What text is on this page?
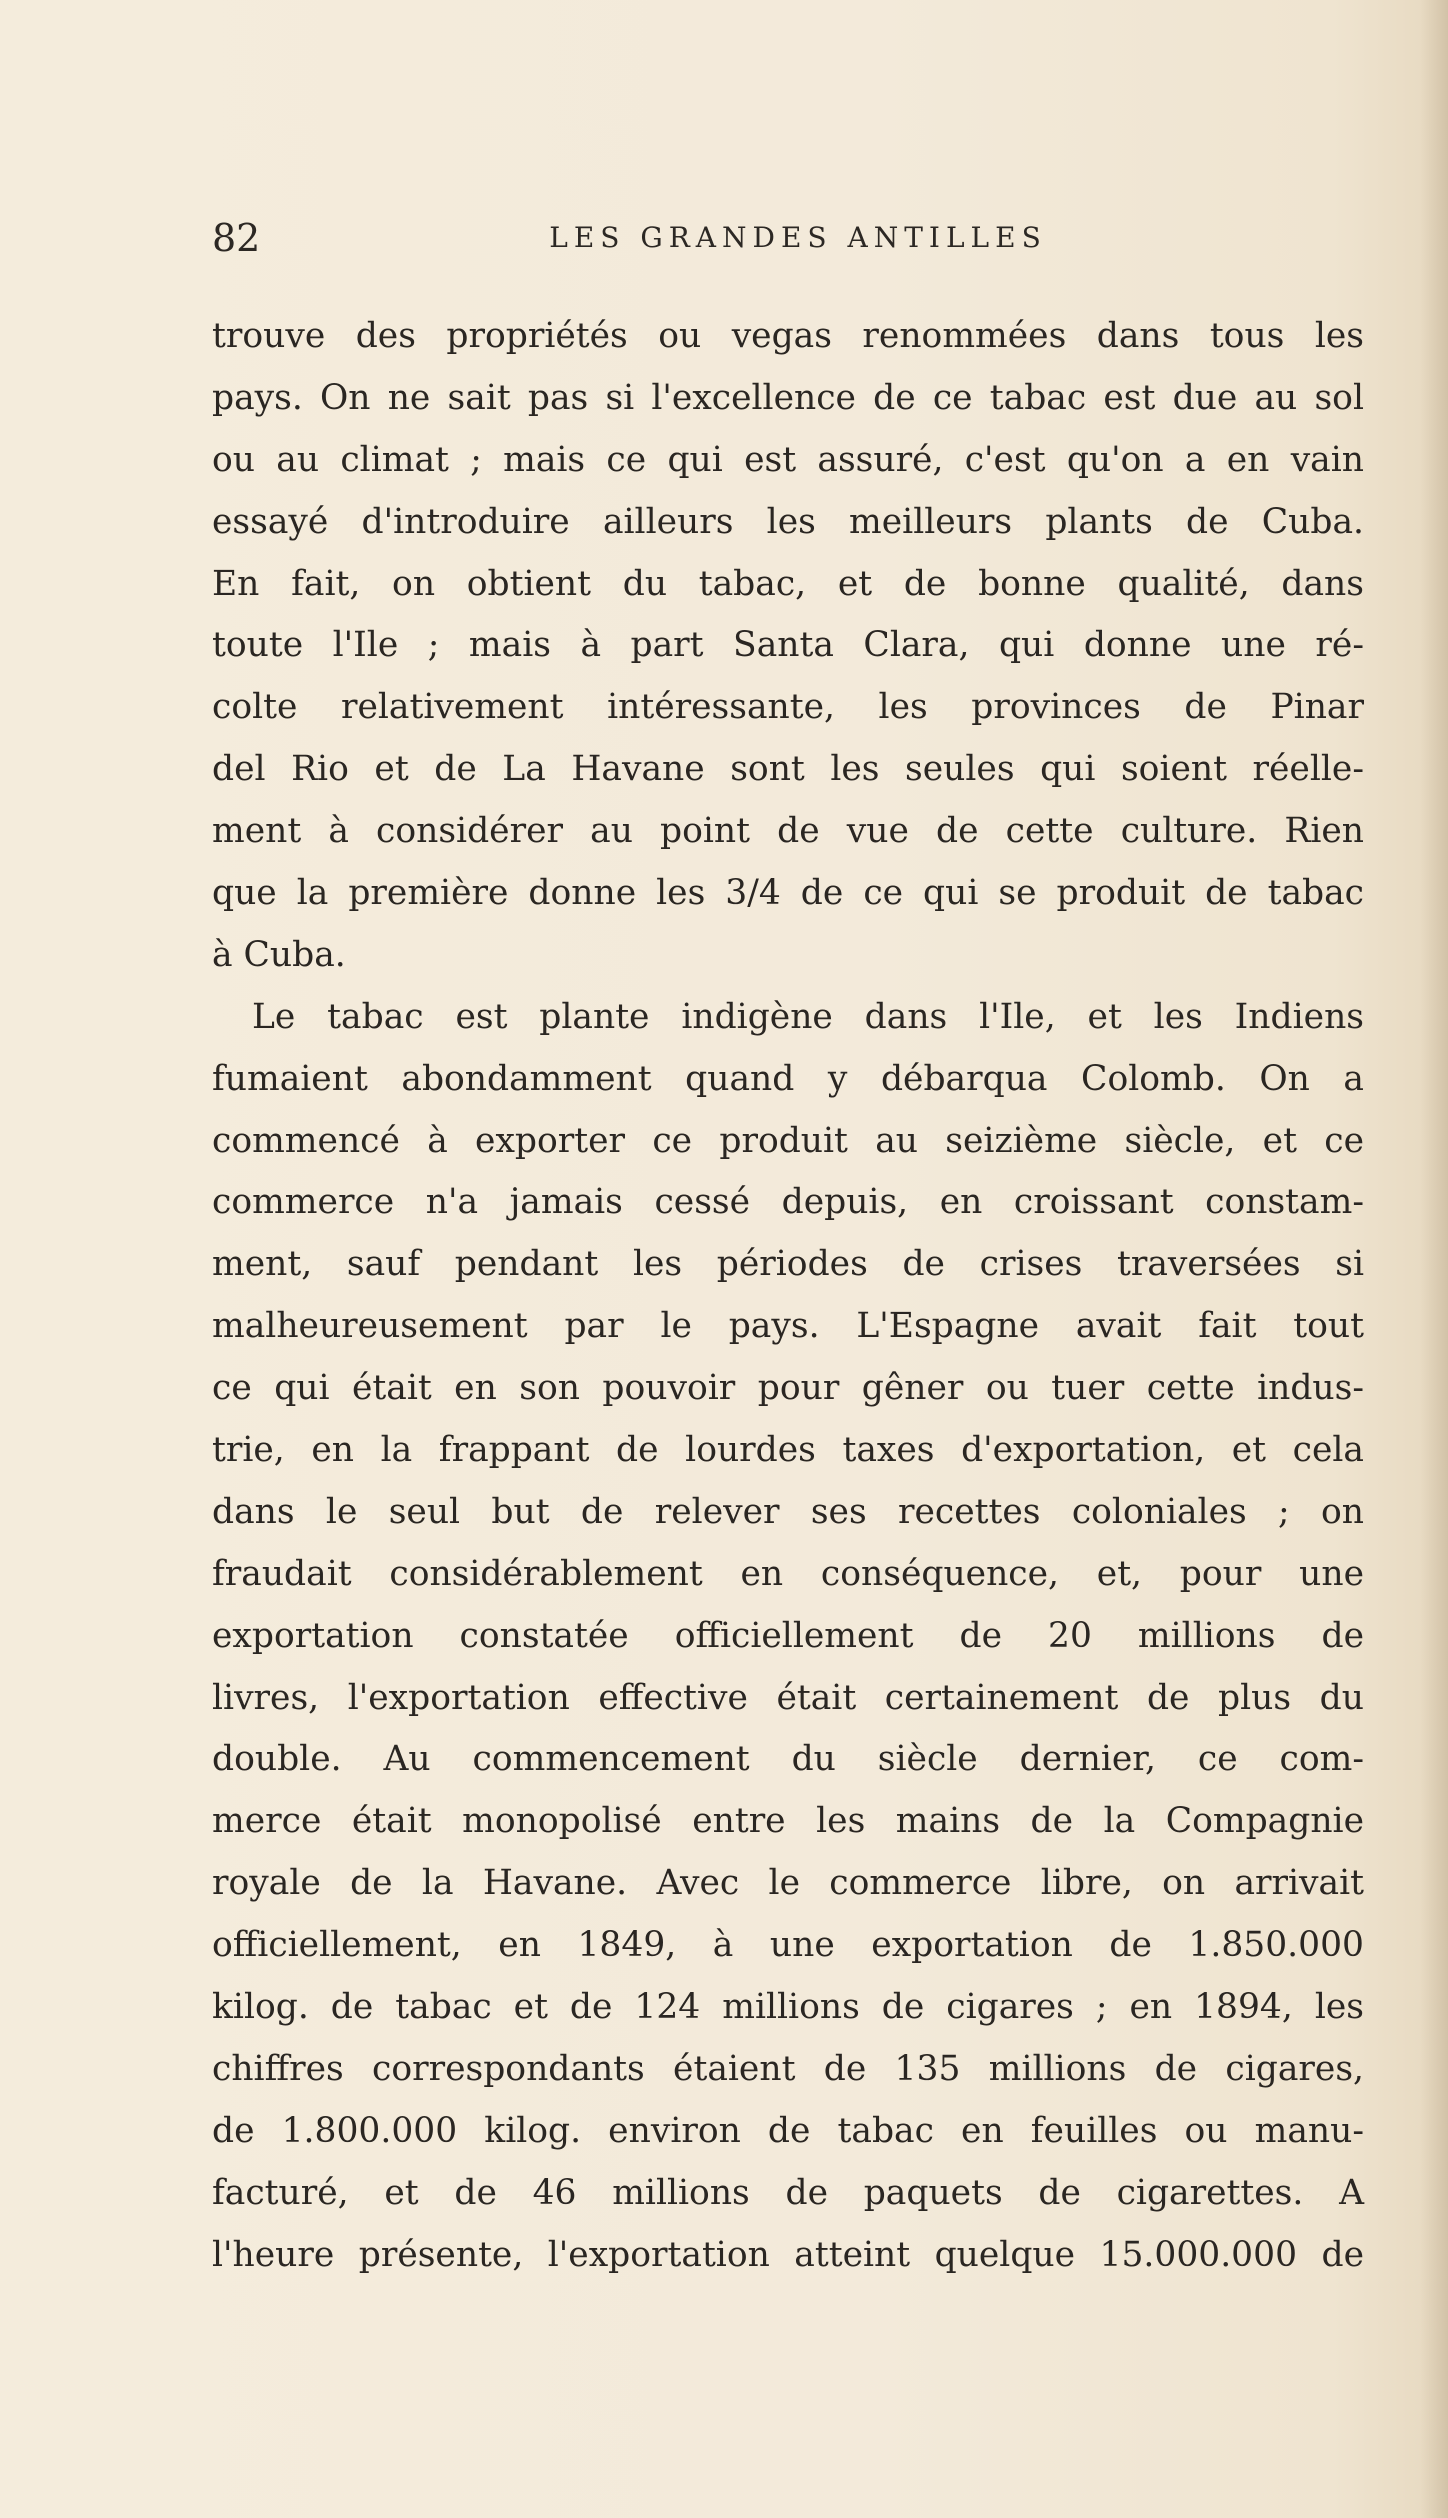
82	LES GRANDES ANTILLES
trouve des propriétés ou vegas renommées dans tous les
pays. On ne sait pas si l'excellence de ce tabac est due au sol
ou au climat ; mais ce qui est assuré, c'est qu'on a en vain
essayé d'introduire ailleurs les meilleurs plants de Cuba.
En fait, on obtient du tabac, et de bonne qualité, dans
toute l'Ile ; mais à part Santa Clara, qui donne une ré-
colte relativement intéressante, les provinces de Pinar
del Rio et de La Havane sont les seules qui soient réelle-
ment à considérer au point de vue de cette culture. Rien
que la première donne les 3/4 de ce qui se produit de tabac
à Cuba.
Le tabac est plante indigène dans l'Ile, et les Indiens
fumaient abondamment quand y débarqua Colomb. On a
commencé à exporter ce produit au seizième siècle, et ce
commerce n'a jamais cessé depuis, en croissant constam-
ment, sauf pendant les périodes de crises traversées si
malheureusement par le pays. L'Espagne avait fait tout
ce qui était en son pouvoir pour gêner ou tuer cette indus-
trie, en la frappant de lourdes taxes d'exportation, et cela
dans le seul but de relever ses recettes coloniales ; on
fraudait considérablement en conséquence, et, pour une
exportation constatée officiellement de 20 millions de
livres, l'exportation effective était certainement de plus du
double. Au commencement du siècle dernier, ce com-
merce était monopolisé entre les mains de la Compagnie
royale de la Havane. Avec le commerce libre, on arrivait
officiellement, en 1849, à une exportation de 1.850.000
kilog. de tabac et de 124 millions de cigares ; en 1894, les
chiffres correspondants étaient de 135 millions de cigares,
de 1.800.000 kilog. environ de tabac en feuilles ou manu-
facturé, et de 46 millions de paquets de cigarettes. A
l'heure présente, l'exportation atteint quelque 15.000.000 de
